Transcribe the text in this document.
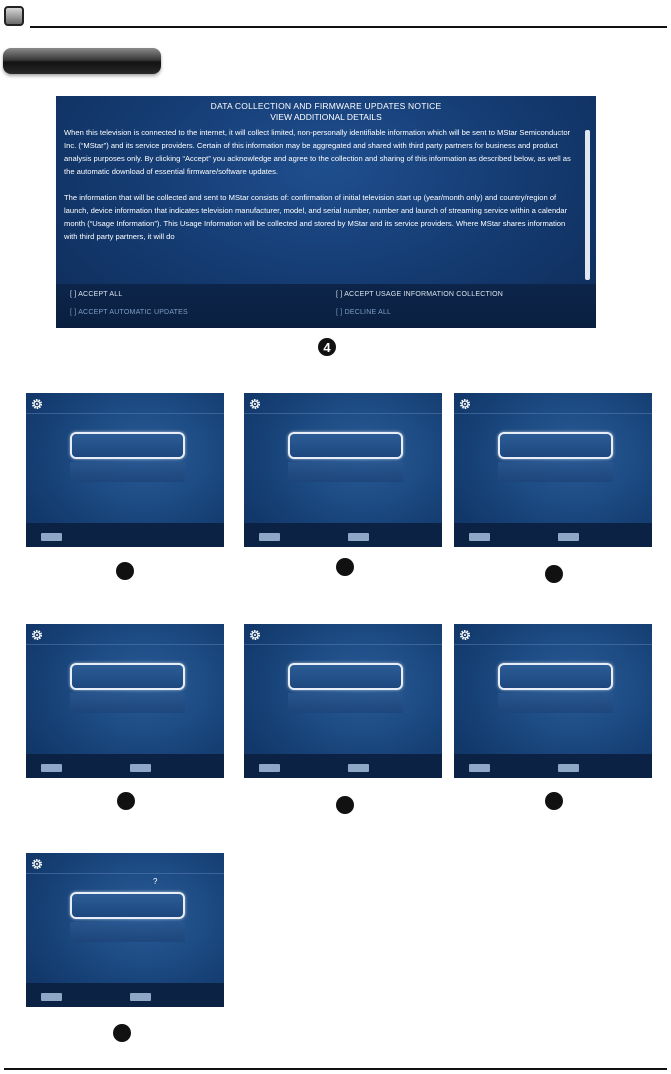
DATA COLLECTION AND FIRMWARE UPDATES NOTICE
VIEW ADDITIONAL DETAILS

When this television is connected to the internet, it will collect limited, non-personally identifiable information which will be sent to MStar Semiconductor Inc. (“MStar”) and its service providers. Certain of this information may be aggregated and shared with third party partners for business and product analysis purposes only. By clicking “Accept” you acknowledge and agree to the collection and sharing of this information as described below, as well as the automatic download of essential firmware/software updates.

The information that will be collected and sent to MStar consists of: confirmation of initial television start up (year/month only) and country/region of launch, device information that indicates television manufacturer, model, and serial number, number and launch of streaming service within a calendar month (“Usage Information”). This Usage Information will be collected and stored by MStar and its service providers. Where MStar shares information with third party partners, it will do

[ ] ACCEPT ALL	[ ] ACCEPT USAGE INFORMATION COLLECTION
[ ] ACCEPT AUTOMATIC UPDATES	[ ] DECLINE ALL
4
?
